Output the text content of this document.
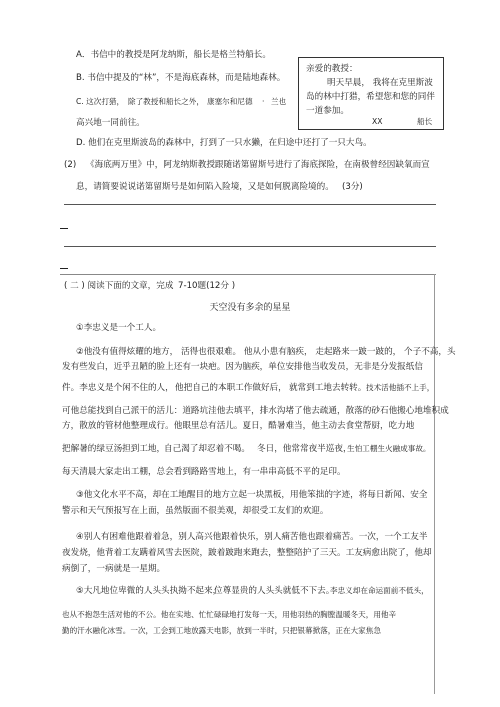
A．书信中的教授是阿龙纳斯，船长是格兰特船长。
B. 书信中提及的“林”，不是海底森林，而是陆地森林。
C. 这次打猎， 除了教授和船长之外， 康塞尔和尼德 · 兰也
高兴地一同前往。
D. 他们在克里斯波岛的森林中，打到了一只水獭，在归途中还打了一只大鸟。
亲爱的教授：
明天早晨， 我将在克里斯波
岛的林中打猎，希望您和您的同伴
一道参加。
XX	船长
(2) 《海底两万里》中，阿龙纳斯教授跟随诺第留斯号进行了海底探险，在南极曾经因缺氧而宣
息，请简要说说诺第留斯号是如何陷入险境，又是如何脱离险境的。 (3分)
( 二 ) 阅读下面的文章，完成 7-10题(12分 )
天空没有多余的星星
①李忠义是一个工人。
②他没有值得炫耀的地方， 活得也很艰难。 他从小患有脑疾， 走起路来一跛一跛的， 个子不高，头
发有些发白，近乎丑陋的脸上还有一块疤。因为脑疾，单位安排他当收发员，无非是分发报纸信
件。李忠义是个闲不住的人， 他把自己的本职工作做好后， 就常到工地去转转。 技术活他插不上手，
可他总能找到自己派干的活儿：道路坑洼他去填平，排水沟堵了他去疏通，散落的砂石他搬心地堆积成
方，散放的管材他整理成行。他眼里总有活儿。夏日，酷暑难当，他主动去食堂帮厨，吃力地
把解暑的绿豆汤担到工地，
自己渴了却忍着不喝。 冬日，他常常夜半巡夜，
生怕工棚生火融成事故。
每天清晨大家走出工棚，总会看到路路雪地上，有一串串高低不平的足印。
③他文化水平不高，却在工地醒目的地方立起一块黑板，用他笨拙的字迹，将每日新闻、安全
警示和天气预报写在上面，虽然版面不很美观，却很受工友们的欢迎。
④别人有困难他跟着着急，别人高兴他跟着快乐，别人痛苦他也跟着痛苦。一次，一个工友半
夜发烧，他背着工友蹒着风雪去医院，跛着跛跑来跑去，整整陪护了三天。工友病愈出院了，他却
病倒了，一病就是一星期。
⑤大凡地位卑微的人头头执拗不起来，
位尊显贵的人头头就低不下去。
李忠义却在命运面前不低头，
也从不抱怨生活对他的不公。他在实地、忙忙碌碌地打发每一天，用他羽热的胸膛温暖冬天，用他辛
勤的汗水融化冰雪。一次，工会到工地放露天电影，放到一半时，只把银幕掀落，正在大家焦急
